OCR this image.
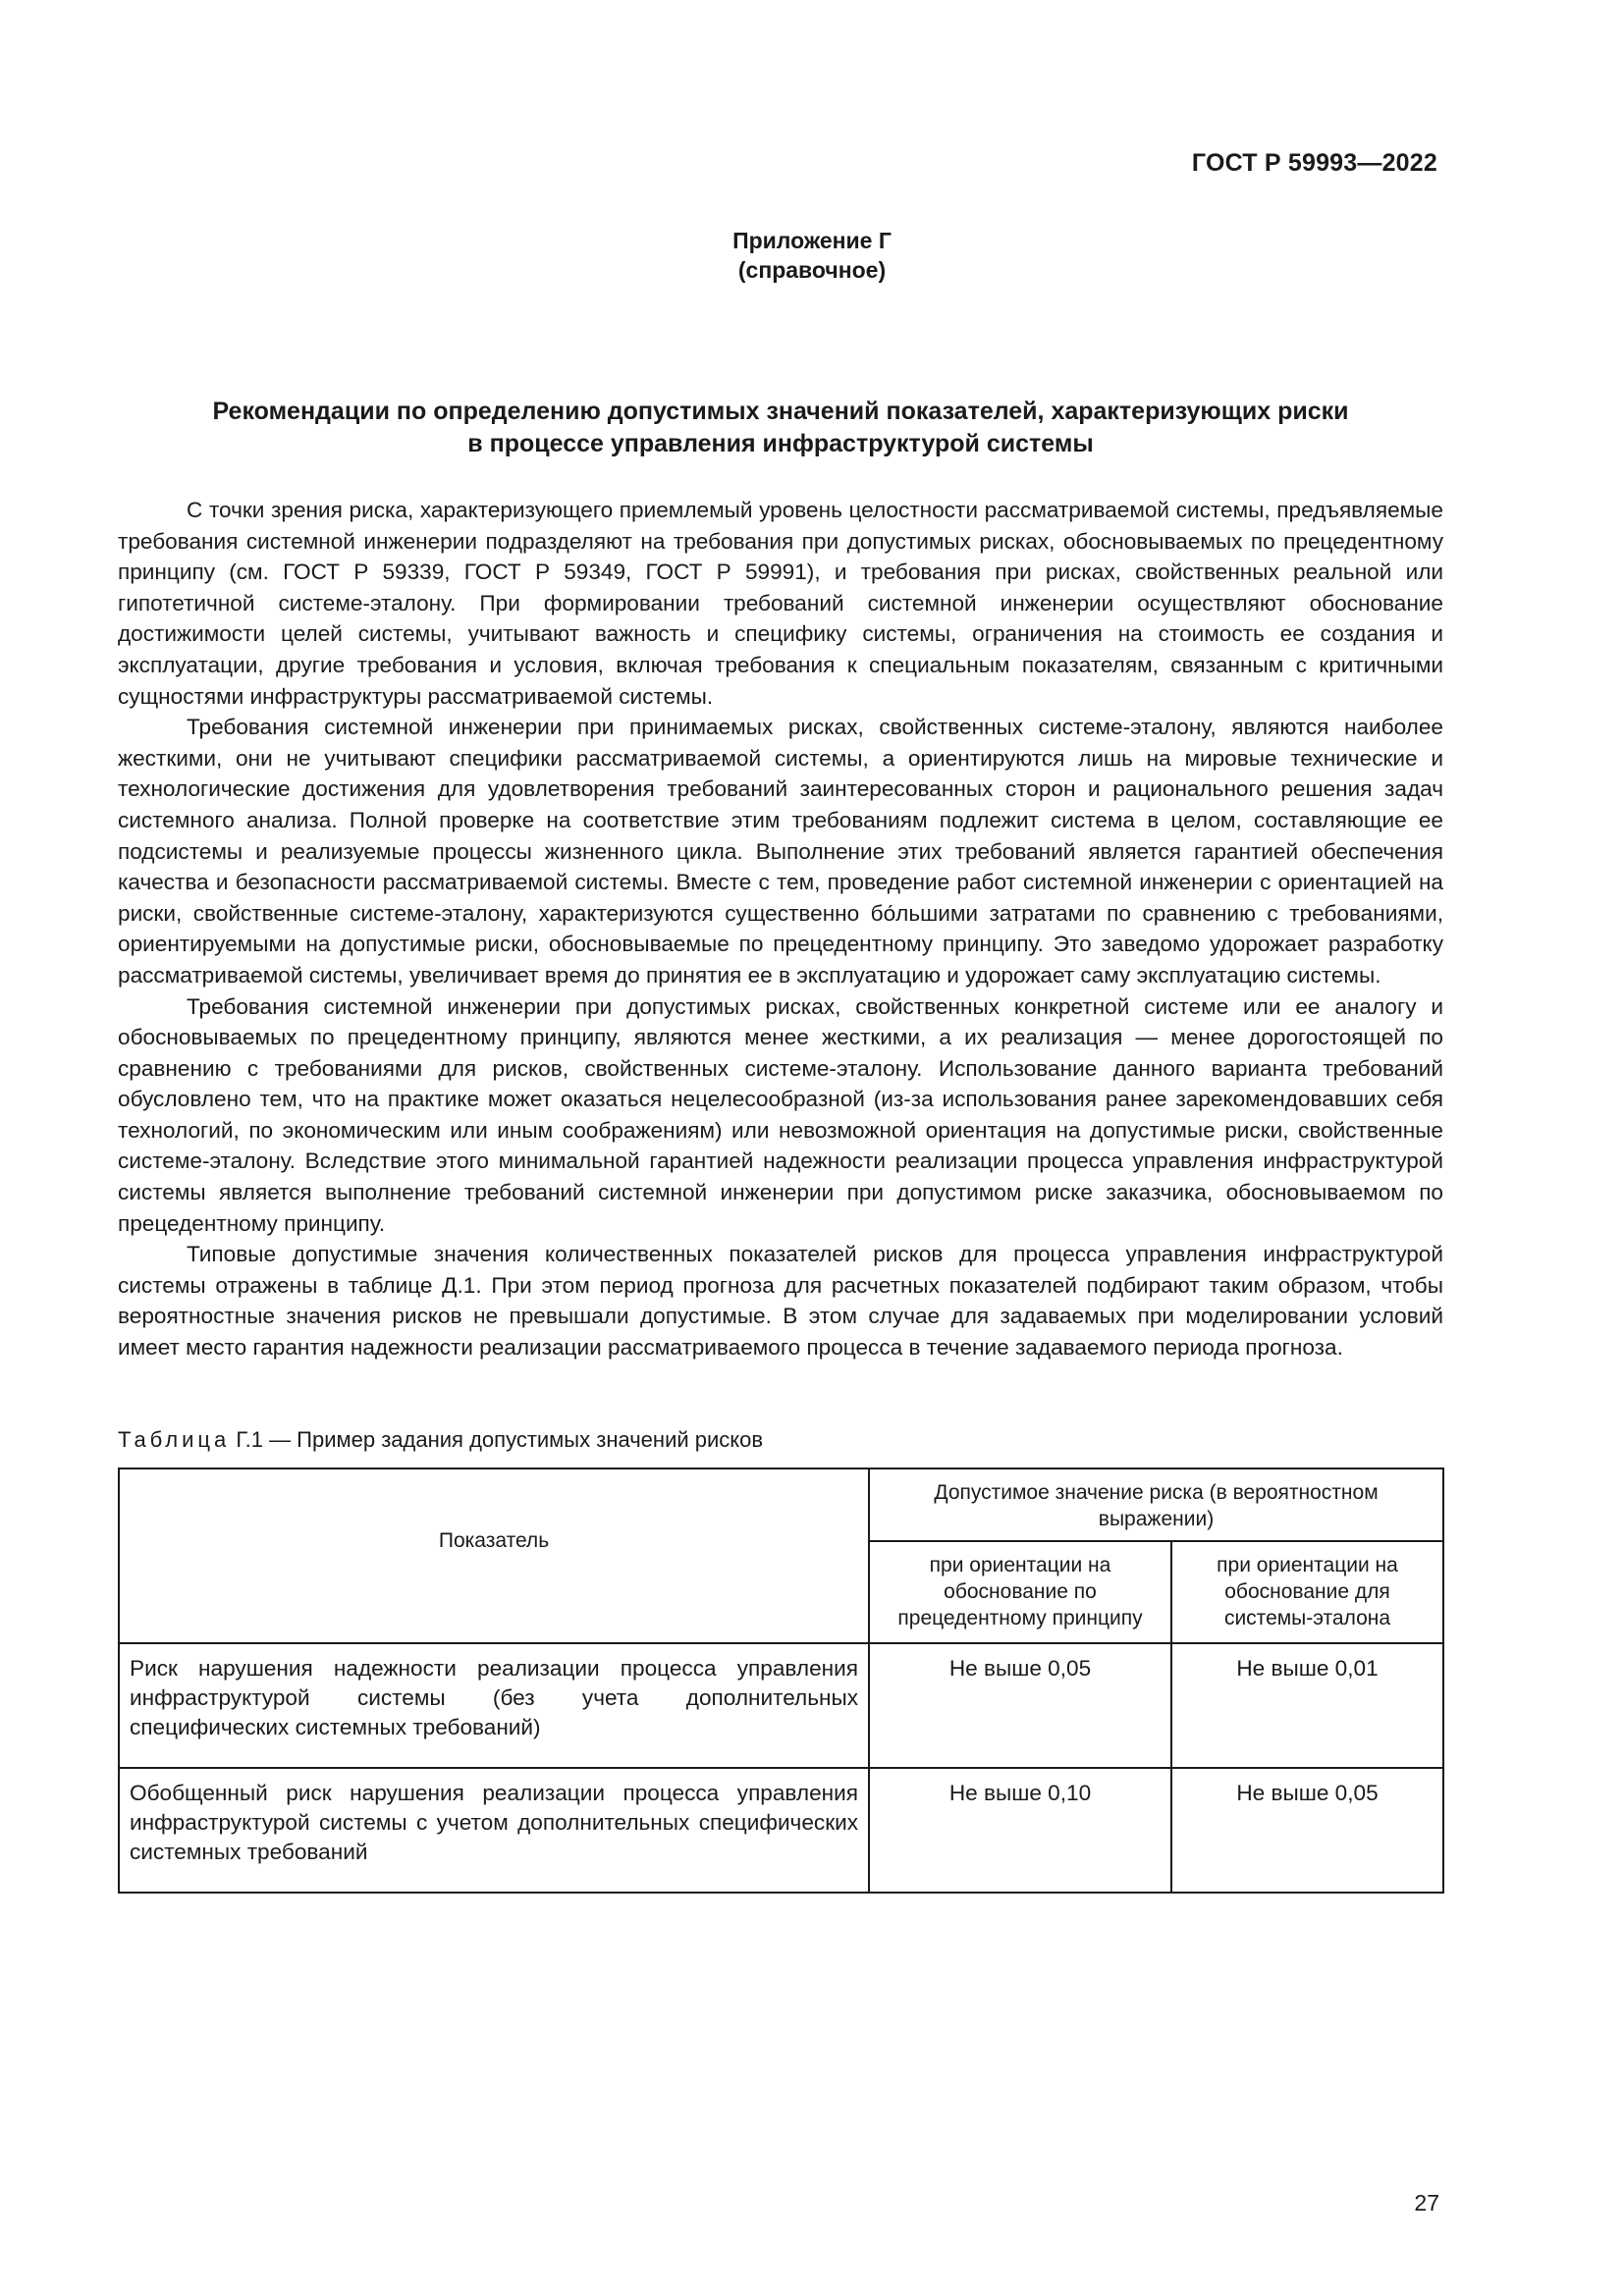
ГОСТ Р 59993—2022
Приложение Г
(справочное)
Рекомендации по определению допустимых значений показателей, характеризующих риски
в процессе управления инфраструктурой системы

С точки зрения риска, характеризующего приемлемый уровень целостности рассматриваемой системы, предъявляемые требования системной инженерии подразделяют на требования при допустимых рисках, обосновываемых по прецедентному принципу (см. ГОСТ Р 59339, ГОСТ Р 59349, ГОСТ Р 59991), и требования при рисках, свойственных реальной или гипотетичной системе-эталону. При формировании требований системной инженерии осуществляют обоснование достижимости целей системы, учитывают важность и специфику системы, ограничения на стоимость ее создания и эксплуатации, другие требования и условия, включая требования к специальным показателям, связанным с критичными сущностями инфраструктуры рассматриваемой системы.

Требования системной инженерии при принимаемых рисках, свойственных системе-эталону, являются наиболее жесткими, они не учитывают специфики рассматриваемой системы, а ориентируются лишь на мировые технические и технологические достижения для удовлетворения требований заинтересованных сторон и рационального решения задач системного анализа. Полной проверке на соответствие этим требованиям подлежит система в целом, составляющие ее подсистемы и реализуемые процессы жизненного цикла. Выполнение этих требований является гарантией обеспечения качества и безопасности рассматриваемой системы. Вместе с тем, проведение работ системной инженерии с ориентацией на риски, свойственные системе-эталону, характеризуются существенно бо́льшими затратами по сравнению с требованиями, ориентируемыми на допустимые риски, обосновываемые по прецедентному принципу. Это заведомо удорожает разработку рассматриваемой системы, увеличивает время до принятия ее в эксплуатацию и удорожает саму эксплуатацию системы.

Требования системной инженерии при допустимых рисках, свойственных конкретной системе или ее аналогу и обосновываемых по прецедентному принципу, являются менее жесткими, а их реализация — менее дорогостоящей по сравнению с требованиями для рисков, свойственных системе-эталону. Использование данного варианта требований обусловлено тем, что на практике может оказаться нецелесообразной (из-за использования ранее зарекомендовавших себя технологий, по экономическим или иным соображениям) или невозможной ориентация на допустимые риски, свойственные системе-эталону. Вследствие этого минимальной гарантией надежности реализации процесса управления инфраструктурой системы является выполнение требований системной инженерии при допустимом риске заказчика, обосновываемом по прецедентному принципу.

Типовые допустимые значения количественных показателей рисков для процесса управления инфраструктурой системы отражены в таблице Д.1. При этом период прогноза для расчетных показателей подбирают таким образом, чтобы вероятностные значения рисков не превышали допустимые. В этом случае для задаваемых при моделировании условий имеет место гарантия надежности реализации рассматриваемого процесса в течение задаваемого периода прогноза.

Таблица Г.1 — Пример задания допустимых значений рисков
Показатель	Допустимое значение риска (в вероятностном выражении)	
	при ориентации на обоснование по прецедентному принципу	при ориентации на обоснование для системы-эталона
Риск нарушения надежности реализации процесса управления инфраструктурой системы (без учета дополнительных специфических системных требований)	Не выше 0,05	Не выше 0,01
Обобщенный риск нарушения реализации процесса управления инфраструктурой системы с учетом дополнительных специфических системных требований	Не выше 0,10	Не выше 0,05
27
